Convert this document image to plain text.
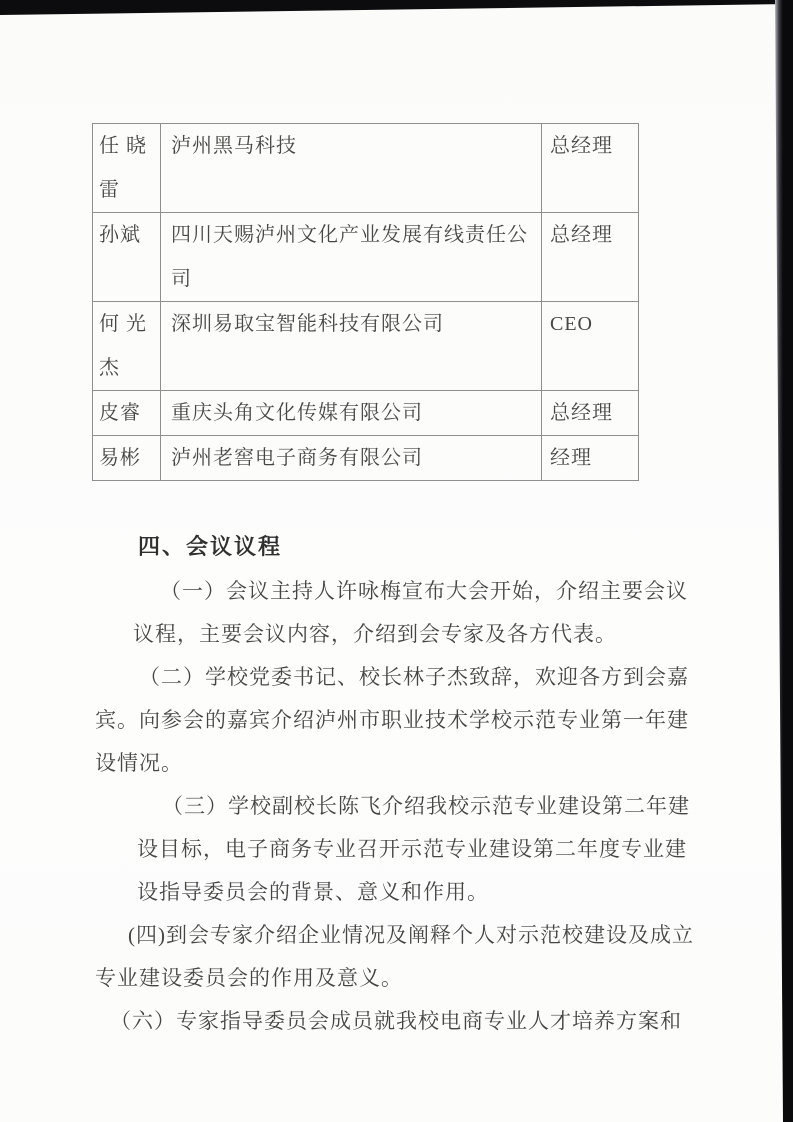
任 晓 雷	泸州黑马科技	总经理
孙斌	四川天赐泸州文化产业发展有线责任公司	总经理
何 光 杰	深圳易取宝智能科技有限公司	CEO
皮睿	重庆头角文化传媒有限公司	总经理
易彬	泸州老窖电子商务有限公司	经理
四、会议议程

（一）会议主持人许咏梅宣布大会开始，介绍主要会议议程，主要会议内容，介绍到会专家及各方代表。

（二）学校党委书记、校长林子杰致辞，欢迎各方到会嘉宾。向参会的嘉宾介绍泸州市职业技术学校示范专业第一年建设情况。

（三）学校副校长陈飞介绍我校示范专业建设第二年建设目标，电子商务专业召开示范专业建设第二年度专业建设指导委员会的背景、意义和作用。

(四)到会专家介绍企业情况及阐释个人对示范校建设及成立专业建设委员会的作用及意义。

（六）专家指导委员会成员就我校电商专业人才培养方案和
